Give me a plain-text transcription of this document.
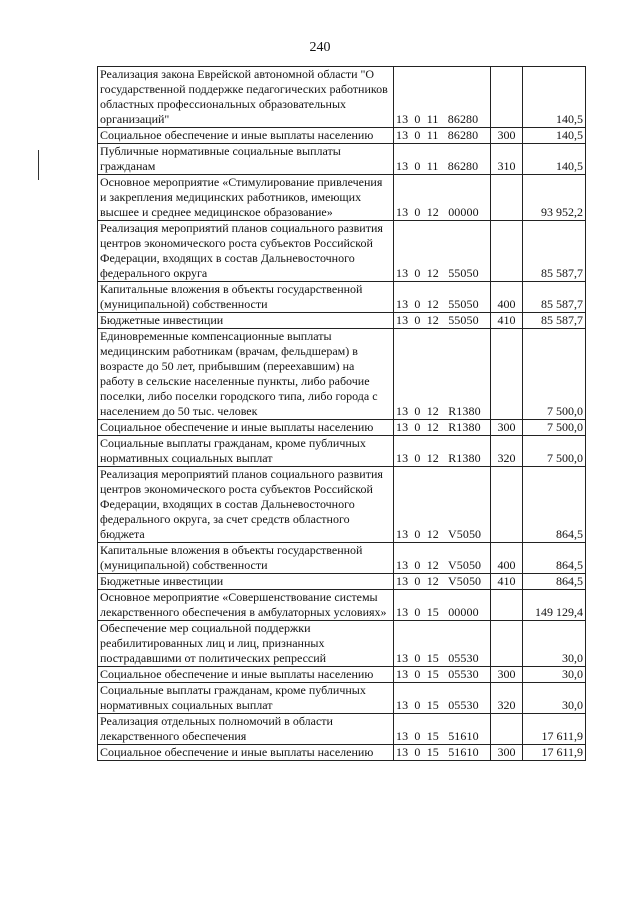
240
Реализация закона Еврейской автономной области "О государственной поддержке педагогических работников областных профессиональных образовательных организаций"	13  0  11   86280		140,5
Социальное обеспечение и иные выплаты населению	13  0  11   86280	300	140,5
Публичные нормативные социальные выплаты гражданам	13  0  11   86280	310	140,5
Основное мероприятие «Стимулирование привлечения и закрепления медицинских работников, имеющих высшее и среднее медицинское образование»	13  0  12   00000		93 952,2
Реализация мероприятий планов социального развития центров экономического роста субъектов Российской Федерации, входящих в состав Дальневосточного федерального округа	13  0  12   55050		85 587,7
Капитальные вложения в объекты государственной (муниципальной) собственности	13  0  12   55050	400	85 587,7
Бюджетные инвестиции	13  0  12   55050	410	85 587,7
Единовременные компенсационные выплаты медицинским работникам (врачам, фельдшерам) в возрасте до 50 лет, прибывшим (переехавшим) на работу в сельские населенные пункты, либо рабочие поселки, либо поселки городского типа, либо города с населением до 50 тыс. человек	13  0  12   R1380		7 500,0
Социальное обеспечение и иные выплаты населению	13  0  12   R1380	300	7 500,0
Социальные выплаты гражданам, кроме публичных нормативных социальных выплат	13  0  12   R1380	320	7 500,0
Реализация мероприятий планов социального развития центров экономического роста субъектов Российской Федерации, входящих в состав Дальневосточного федерального округа, за счет средств областного бюджета	13  0  12   V5050		864,5
Капитальные вложения в объекты государственной (муниципальной) собственности	13  0  12   V5050	400	864,5
Бюджетные инвестиции	13  0  12   V5050	410	864,5
Основное мероприятие «Совершенствование системы лекарственного обеспечения в амбулаторных условиях»	13  0  15   00000		149 129,4
Обеспечение мер социальной поддержки реабилитированных лиц и лиц, признанных пострадавшими от политических репрессий	13  0  15   05530		30,0
Социальное обеспечение и иные выплаты населению	13  0  15   05530	300	30,0
Социальные выплаты гражданам, кроме публичных нормативных социальных выплат	13  0  15   05530	320	30,0
Реализация отдельных полномочий в области лекарственного обеспечения	13  0  15   51610		17 611,9
Социальное обеспечение и иные выплаты населению	13  0  15   51610	300	17 611,9
